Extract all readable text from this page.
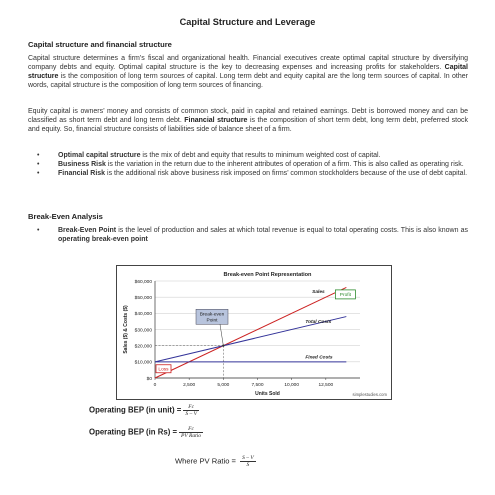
Capital Structure and Leverage
Capital structure and financial structure

Capital structure determines a firm’s fiscal and organizational health. Financial executives create optimal capital structure by diversifying company debts and equity. Optimal capital structure is the key to decreasing expenses and increasing profits for stakeholders. Capital structure is the composition of long term sources of capital. Long term debt and equity capital are the long term sources of capital. In other words, capital structure is the composition of long term sources of financing.

Equity capital is owners’ money and consists of common stock, paid in capital and retained earnings. Debt is borrowed money and can be classified as short term debt and long term debt. Financial structure is the composition of short term debt, long term debt, preferred stock and equity. So, financial structure consists of liabilities side of balance sheet of a firm.

•	Optimal capital structure is the mix of debt and equity that results to minimum weighted cost of capital.
•	Business Risk is the variation in the return due to the inherent attributes of operation of a firm. This is also called as operating risk.
•	Financial Risk is the additional risk above business risk imposed on firms’ common stockholders because of the use of debt capital.
Break-Even Analysis
•	Break-Even Point is the level of production and sales at which total revenue is equal to total operating costs. This is also known as operating break-even point
Break-even Point Representation
$0
$10,000
$20,000
$30,000
$40,000
$50,000
$60,000
0	2,500	5,000	7,500	10,000	12,500
Units Sold
Sales ($) & Costs ($)
Sales
Total Costs
Fixed Costs
Break-even
Point
Profit
Loss
simplestudies.com
Operating BEP (in unit) = $\frac{Fc}{S - V}$
Operating BEP (in $Rs) = \frac{Fc}{\text{PV Ratio}}$
Where PV Ratio = $\frac{S - V}{S}$
